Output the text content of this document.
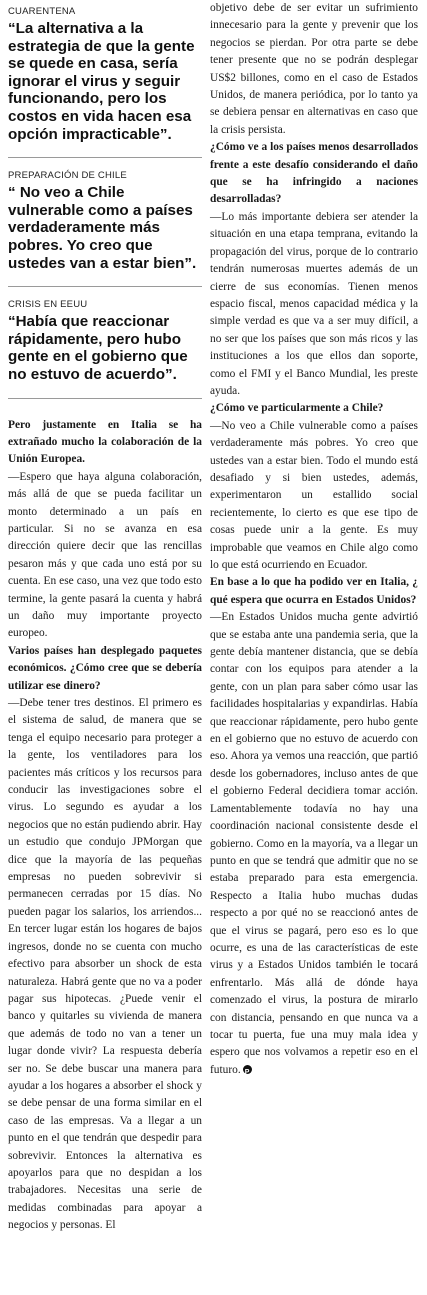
CUARENTENA

“La alternativa a la estrategia de que la gente se quede en casa, sería ignorar el virus y seguir funcionando, pero los costos en vida hacen esa opción impracticable”.

PREPARACIÓN DE CHILE

“ No veo a Chile vulnerable como a países verdaderamente más pobres. Yo creo que ustedes van a estar bien”.

CRISIS EN EEUU

“Había que reaccionar rápidamente, pero hubo gente en el gobierno que no estuvo de acuerdo”.

Pero justamente en Italia se ha extrañado mucho la colaboración de la Unión Europea.

—Espero que haya alguna colaboración, más allá de que se pueda facilitar un monto determinado a un país en particular. Si no se avanza en esa dirección quiere decir que las rencillas pesaron más y que cada uno está por su cuenta. En ese caso, una vez que todo esto termine, la gente pasará la cuenta y habrá un daño muy importante proyecto europeo.

Varios países han desplegado paquetes económicos. ¿Cómo cree que se debería utilizar ese dinero?

—Debe tener tres destinos. El primero es el sistema de salud, de manera que se tenga el equipo necesario para proteger a la gente, los ventiladores para los pacientes más críticos y los recursos para conducir las investigaciones sobre el virus. Lo segundo es ayudar a los negocios que no están pudiendo abrir. Hay un estudio que condujo JPMorgan que dice que la mayoría de las pequeñas empresas no pueden sobrevivir si permanecen cerradas por 15 días. No pueden pagar los salarios, los arriendos... En tercer lugar están los hogares de bajos ingresos, donde no se cuenta con mucho efectivo para absorber un shock de esta naturaleza. Habrá gente que no va a poder pagar sus hipotecas. ¿Puede venir el banco y quitarles su vivienda de manera que además de todo no van a tener un lugar donde vivir? La respuesta debería ser no. Se debe buscar una manera para ayudar a los hogares a absorber el shock y se debe pensar de una forma similar en el caso de las empresas. Va a llegar a un punto en el que tendrán que despedir para sobrevivir. Entonces la alternativa es apoyarlos para que no despidan a los trabajadores. Necesitas una serie de medidas combinadas para apoyar a negocios y personas. El

objetivo debe de ser evitar un sufrimiento innecesario para la gente y prevenir que los negocios se pierdan. Por otra parte se debe tener presente que no se podrán desplegar US$2 billones, como en el caso de Estados Unidos, de manera periódica, por lo tanto ya se debiera pensar en alternativas en caso que la crisis persista.

¿Cómo ve a los países menos desarrollados frente a este desafío considerando el daño que se ha infringido a naciones desarrolladas?

—Lo más importante debiera ser atender la situación en una etapa temprana, evitando la propagación del virus, porque de lo contrario tendrán numerosas muertes además de un cierre de sus economías. Tienen menos espacio fiscal, menos capacidad médica y la simple verdad es que va a ser muy difícil, a no ser que los países que son más ricos y las instituciones a los que ellos dan soporte, como el FMI y el Banco Mundial, les preste ayuda.

¿Cómo ve particularmente a Chile?

—No veo a Chile vulnerable como a países verdaderamente más pobres. Yo creo que ustedes van a estar bien. Todo el mundo está desafiado y si bien ustedes, además, experimentaron un estallido social recientemente, lo cierto es que ese tipo de cosas puede unir a la gente. Es muy improbable que veamos en Chile algo como lo que está ocurriendo en Ecuador.

En base a lo que ha podido ver en Italia, ¿ qué espera que ocurra en Estados Unidos?

—En Estados Unidos mucha gente advirtió que se estaba ante una pandemia seria, que la gente debía mantener distancia, que se debía contar con los equipos para atender a la gente, con un plan para saber cómo usar las facilidades hospitalarias y expandirlas. Había que reaccionar rápidamente, pero hubo gente en el gobierno que no estuvo de acuerdo con eso. Ahora ya vemos una reacción, que partió desde los gobernadores, incluso antes de que el gobierno Federal decidiera tomar acción. Lamentablemente todavía no hay una coordinación nacional consistente desde el gobierno. Como en la mayoría, va a llegar un punto en que se tendrá que admitir que no se estaba preparado para esta emergencia. Respecto a Italia hubo muchas dudas respecto a por qué no se reaccionó antes de que el virus se pagará, pero eso es lo que ocurre, es una de las características de este virus y a Estados Unidos también le tocará enfrentarlo. Más allá de dónde haya comenzado el virus, la postura de mirarlo con distancia, pensando en que nunca va a tocar tu puerta, fue una muy mala idea y espero que nos volvamos a repetir eso en el futuro.P
